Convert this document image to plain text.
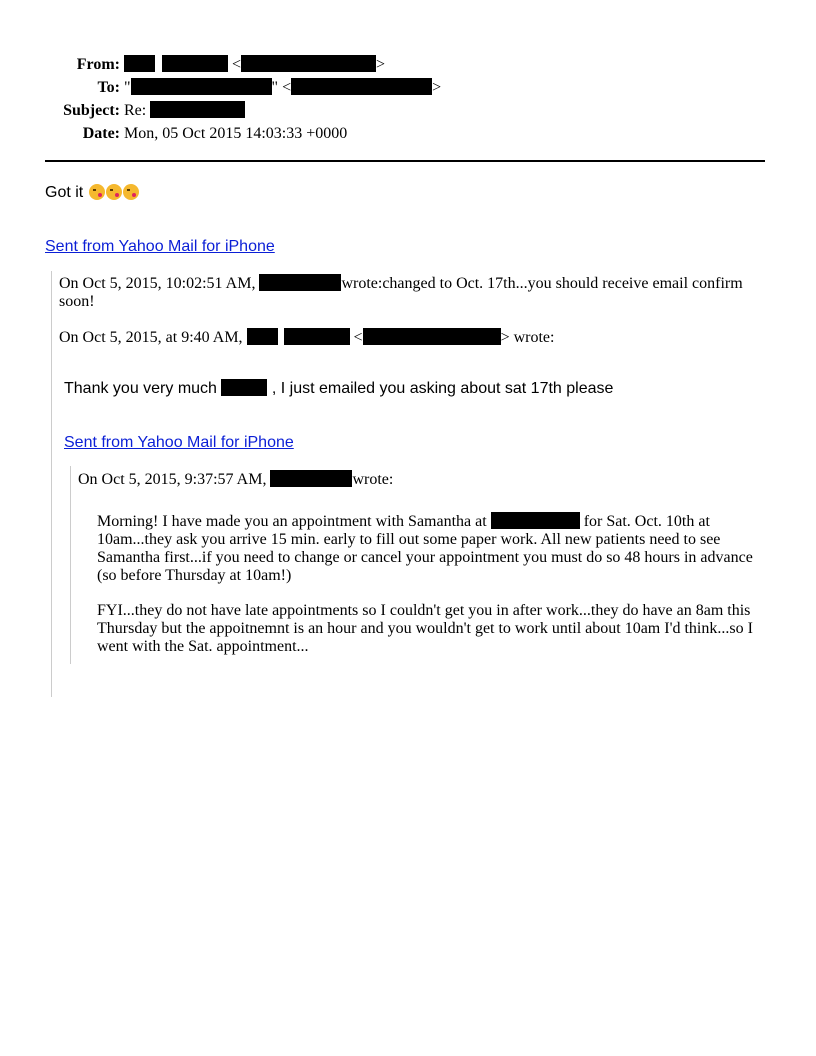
From:	<	>
To: "	" <	>
Subject: Re:
Date: Mon, 05 Oct 2015 14:03:33 +0000
Got it
Sent from Yahoo Mail for iPhone
On Oct 5, 2015, 10:02:51 AM,	wrote:changed to Oct. 17th...you should receive email confirm
soon!
On Oct 5, 2015, at 9:40 AM,	<	> wrote:
Thank you very much	, I just emailed you asking about sat 17th please
Sent from Yahoo Mail for iPhone
On Oct 5, 2015, 9:37:57 AM,	wrote:
Morning! I have made you an appointment with Samantha at	for Sat. Oct. 10th at
10am...they ask you arrive 15 min. early to fill out some paper work. All new patients need to see
Samantha first...if you need to change or cancel your appointment you must do so 48 hours in advance
(so before Thursday at 10am!)
FYI...they do not have late appointments so I couldn't get you in after work...they do have an 8am this
Thursday but the appoitnemnt is an hour and you wouldn't get to work until about 10am I'd think...so I
went with the Sat. appointment...
